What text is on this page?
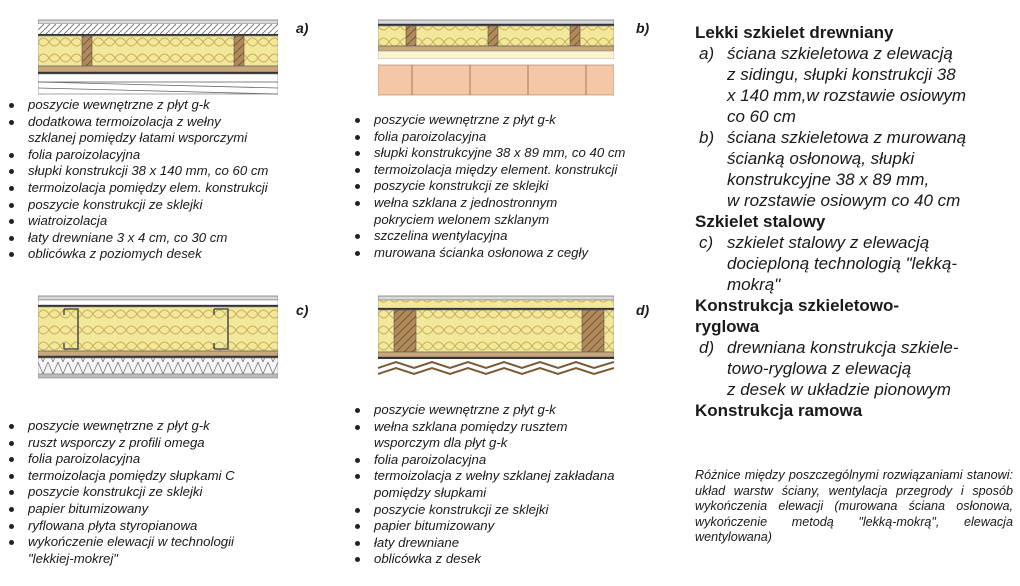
a)	b)
c)	d)
poszycie wewnętrzne z płyt g-k
dodatkowa termoizolacja z wełny
szklanej pomiędzy łatami wsporczymi
folia paroizolacyjna
słupki konstrukcji 38 x 140 mm, co 60 cm
termoizolacja pomiędzy elem. konstrukcji
poszycie konstrukcji ze sklejki
wiatroizolacja
łaty drewniane 3 x 4 cm, co 30 cm
oblicówka z poziomych desek
poszycie wewnętrzne z płyt g-k
folia paroizolacyjna
słupki konstrukcyjne 38 x 89 mm, co 40 cm
termoizolacja między element. konstrukcji
poszycie konstrukcji ze sklejki
wełna szklana z jednostronnym
pokryciem welonem szklanym
szczelina wentylacyjna
murowana ścianka osłonowa z cegły
poszycie wewnętrzne z płyt g-k
ruszt wsporczy z profili omega
folia paroizolacyjna
termoizolacja pomiędzy słupkami C
poszycie konstrukcji ze sklejki
papier bitumizowany
ryflowana płyta styropianowa
wykończenie elewacji w technologii
"lekkiej-mokrej"
poszycie wewnętrzne z płyt g-k
wełna szklana pomiędzy rusztem
wsporczym dla płyt g-k
folia paroizolacyjna
termoizolacja z wełny szklanej zakładana
pomiędzy słupkami
poszycie konstrukcji ze sklejki
papier bitumizowany
łaty drewniane
oblicówka z desek
Lekki szkielet drewniany
a) ściana szkieletowa z elewacją
z sidingu, słupki konstrukcji 38
x 140 mm,w rozstawie osiowym
co 60 cm
b) ściana szkieletowa z murowaną
ścianką osłonową, słupki
konstrukcyjne 38 x 89 mm,
w rozstawie osiowym co 40 cm
Szkielet stalowy
c) szkielet stalowy z elewacją
docieploną technologią "lekką-
mokrą"
Konstrukcja szkieletowo-
ryglowa
d) drewniana konstrukcja szkiele-
towo-ryglowa z elewacją
z desek w układzie pionowym
Konstrukcja ramowa
Różnice między poszczególnymi rozwiązaniami stanowi: układ warstw ściany, wentylacja przegrody i sposób wykończenia elewacji (murowana ściana osłonowa, wykończenie metodą "lekką-mokrą", elewacja wentylowana)
